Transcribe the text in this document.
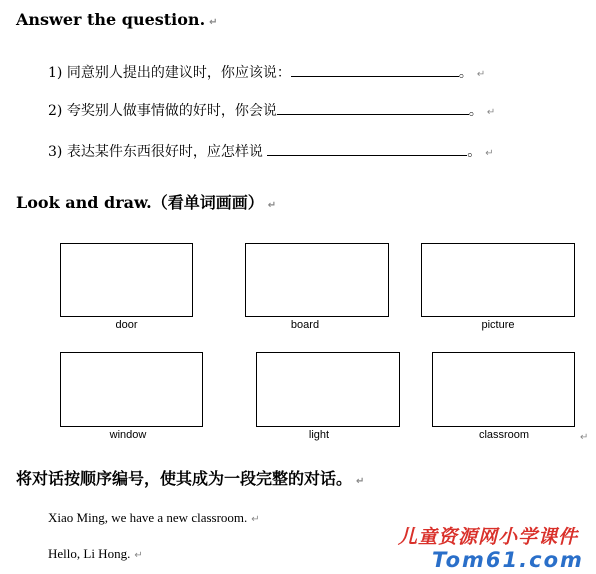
Answer the question. ↵
1) 同意别人提出的建议时，你应该说：	。 ↵
2) 夸奖别人做事情做的好时，你会说	。 ↵
3) 表达某件东西很好时，应怎样说	。 ↵
Look and draw.（看单词画画） ↵
door	board	picture
window	light	classroom	↵
将对话按顺序编号，使其成为一段完整的对话。 ↵
Xiao Ming, we have a new classroom. ↵
Hello, Li Hong. ↵
儿童资源网小学课件
Tom61.com
